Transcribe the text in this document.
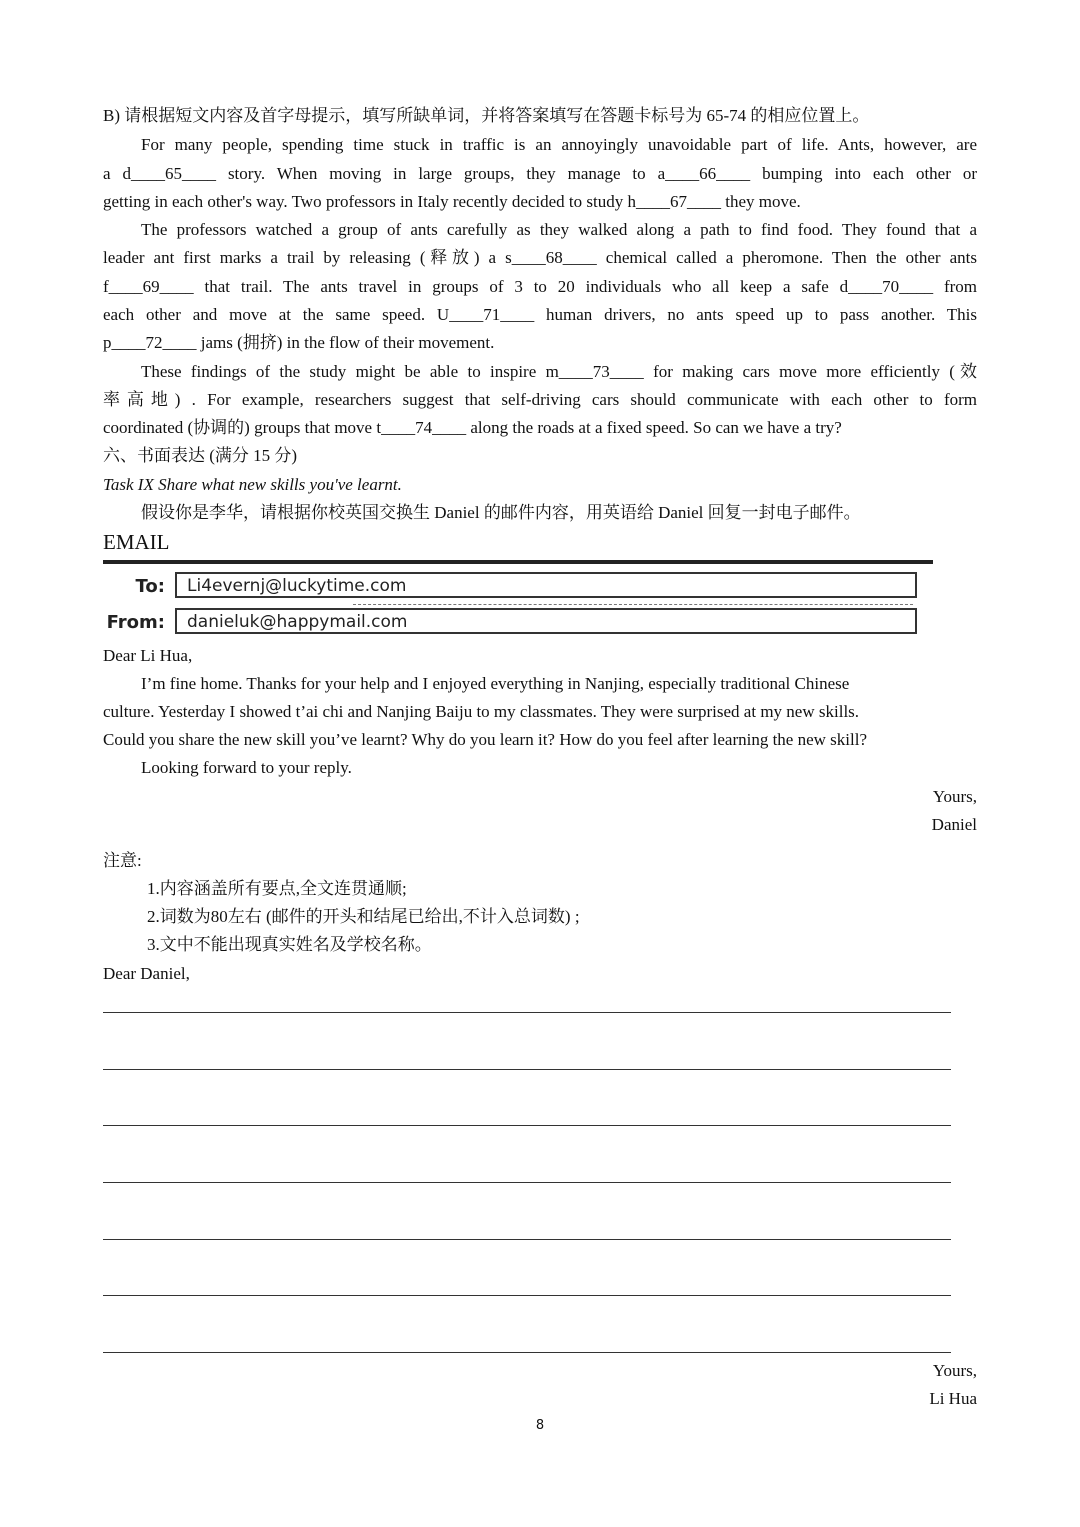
B) 请根据短文内容及首字母提示，填写所缺单词，并将答案填写在答题卡标号为 65-74 的相应位置上。
For many people, spending time stuck in traffic is an annoyingly unavoidable part of life. Ants, however, are
a d____65____ story. When moving in large groups, they manage to a____66____ bumping into each other or
getting in each other's way. Two professors in Italy recently decided to study h____67____ they move.
The professors watched a group of ants carefully as they walked along a path to find food. They found that a
leader ant first marks a trail by releasing (释放) a s____68____ chemical called a pheromone. Then the other ants
f____69____ that trail. The ants travel in groups of 3 to 20 individuals who all keep a safe d____70____ from
each other and move at the same speed. U____71____ human drivers, no ants speed up to pass another. This
p____72____ jams (拥挤) in the flow of their movement.
These findings of the study might be able to inspire m____73____ for making cars move more efficiently (效
率高地) . For example, researchers suggest that self-driving cars should communicate with each other to form
coordinated (协调的) groups that move t____74____ along the roads at a fixed speed. So can we have a try?
六、书面表达 (满分 15 分)
Task IX Share what new skills you've learnt.
假设你是李华，请根据你校英国交换生 Daniel 的邮件内容，用英语给 Daniel 回复一封电子邮件。
EMAIL
To:	Li4evernj@luckytime.com
From:	danieluk@happymail.com
Dear Li Hua,
I’m fine home. Thanks for your help and I enjoyed everything in Nanjing, especially traditional Chinese
culture. Yesterday I showed t’ai chi and Nanjing Baiju to my classmates. They were surprised at my new skills.
Could you share the new skill you’ve learnt? Why do you learn it? How do you feel after learning the new skill?
Looking forward to your reply.
Yours,
Daniel
注意:
1.内容涵盖所有要点,全文连贯通顺;
2.词数为80左右 (邮件的开头和结尾已给出,不计入总词数) ;
3.文中不能出现真实姓名及学校名称。
Dear Daniel,
Yours,
Li Hua
8
